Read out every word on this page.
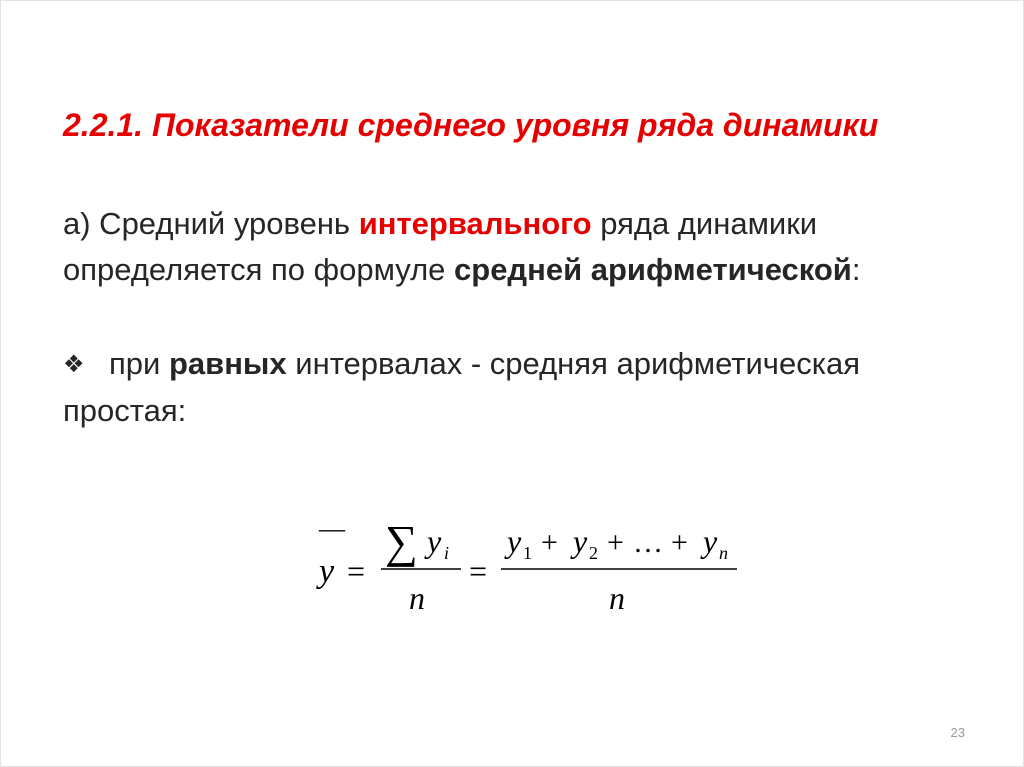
2.2.1. Показатели среднего уровня ряда динамики
а) Средний уровень интервального ряда динамики
определяется по формуле средней арифметической:
❖ при равных интервалах - средняя арифметическая
простая:
—
y =
∑ y i
n
=
y 1 + y 2 + … + y n
n
23
